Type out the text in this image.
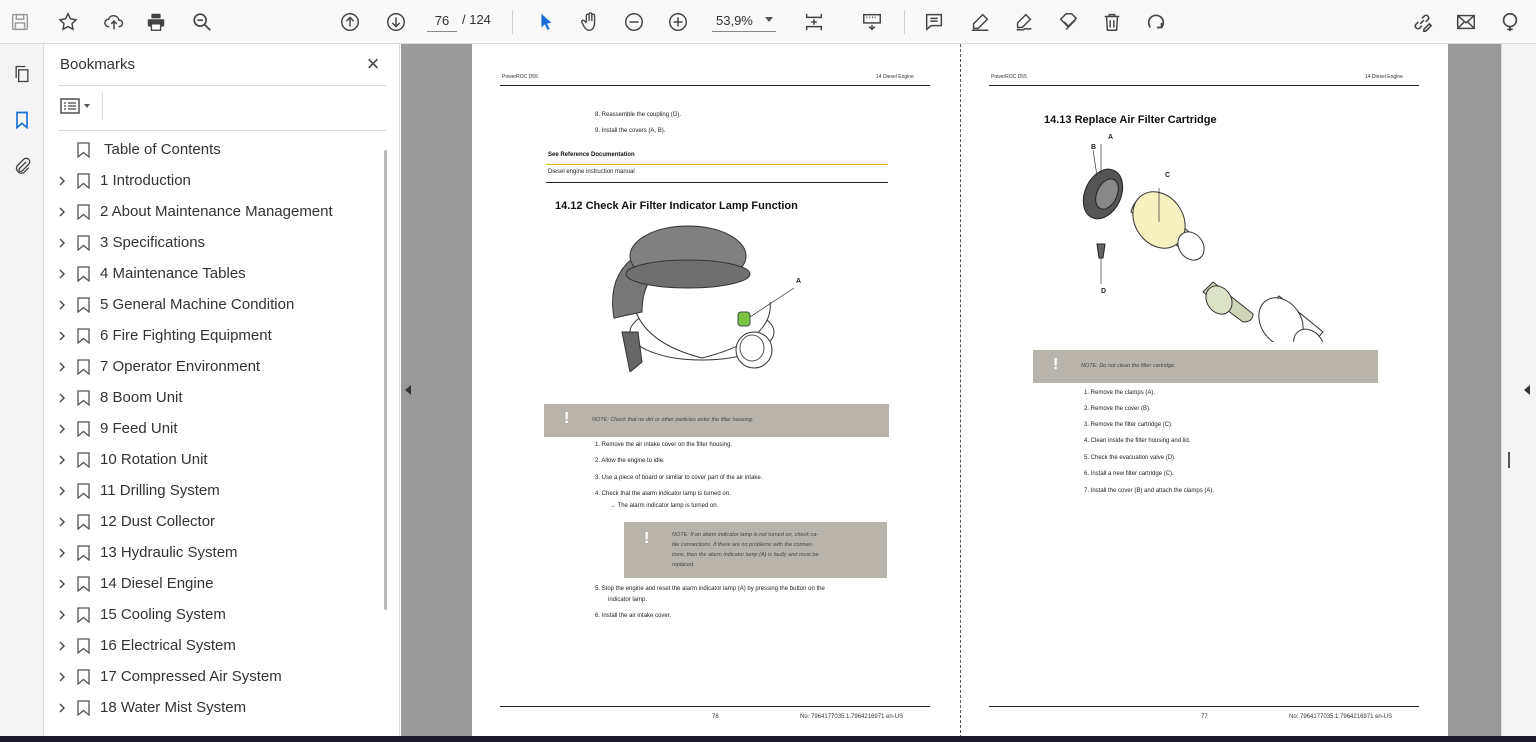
76 / 124	53,9%
Bookmarks	×
Table of Contents
1 Introduction
2 About Maintenance Management
3 Specifications
4 Maintenance Tables
5 General Machine Condition
6 Fire Fighting Equipment
7 Operator Environment
8 Boom Unit
9 Feed Unit
10 Rotation Unit
11 Drilling System
12 Dust Collector
13 Hydraulic System
14 Diesel Engine
15 Cooling System
16 Electrical System
17 Compressed Air System
18 Water Mist System
PowerROC D55	14 Diesel Engine
8. Reassemble the coupling (G).
9. Install the covers (A, B).
See Reference Documentation
Diesel engine instruction manual
14.12 Check Air Filter Indicator Lamp Function
A
!	NOTE: Check that no dirt or other particles enter the filter housing.
1. Remove the air intake cover on the filter housing.
2. Allow the engine to idle.
3. Use a piece of board or similar to cover part of the air intake.
4. Check that the alarm indicator lamp is turned on.
→ The alarm indicator lamp is turned on.
!	NOTE: If an alarm indicator lamp is not turned on, check ca-
ble connections. If there are no problems with the connec-
tions, then the alarm indicator lamp (A) is faulty and must be
replaced.
5. Stop the engine and reset the alarm indicator lamp (A) by pressing the button on the
indicator lamp.
6. Install the air intake cover.
76	No: 7964177035.1.7964216971 en-US
PowerROC D55	14 Diesel Engine
14.13 Replace Air Filter Cartridge
A
B
C
D
!	NOTE: Do not clean the filter cartridge.
1. Remove the clamps (A).
2. Remove the cover (B).
3. Remove the filter cartridge (C).
4. Clean inside the filter housing and lid.
5. Check the evacuation valve (D).
6. Install a new filter cartridge (C).
7. Install the cover (B) and attach the clamps (A).
77	No: 7964177035.1.7964216971 en-US
